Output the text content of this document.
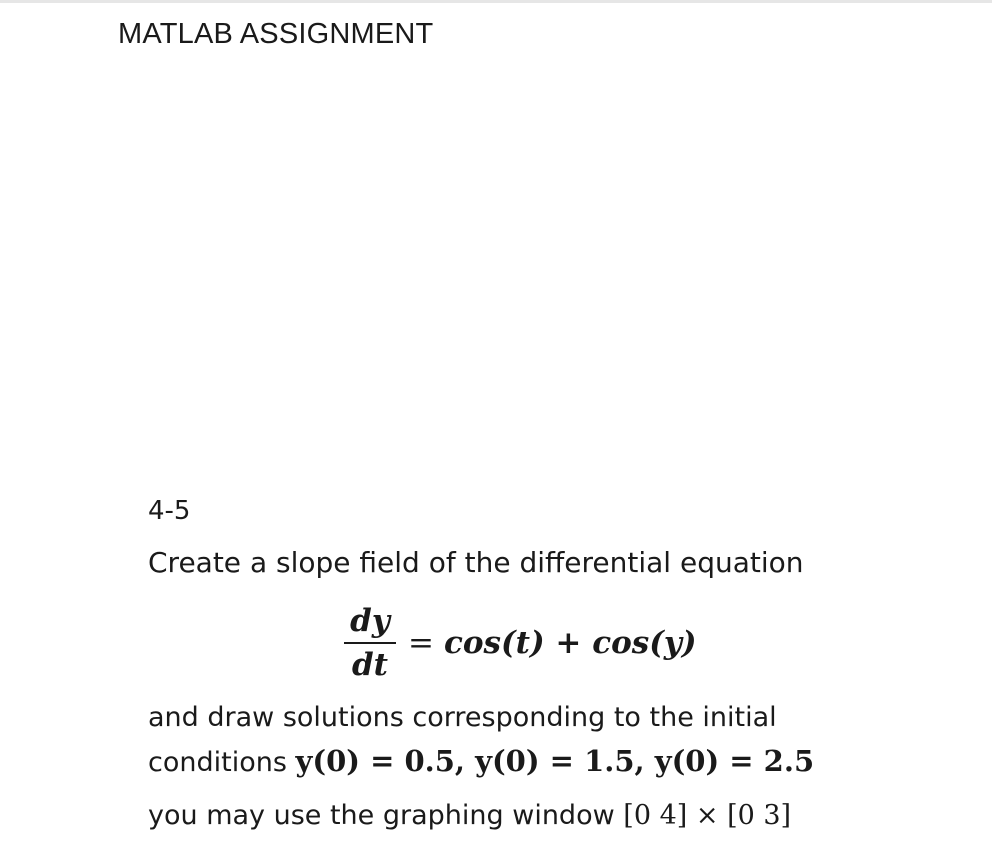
MATLAB ASSIGNMENT
4-5
Create a slope field of the differential equation
$\frac{dy}{dt} = \cos(t) + \cos(y)$
and draw solutions corresponding to the initial
conditions y(0) = 0.5, y(0) = 1.5, y(0) = 2.5
you may use the graphing window [0 4] × [0 3]
